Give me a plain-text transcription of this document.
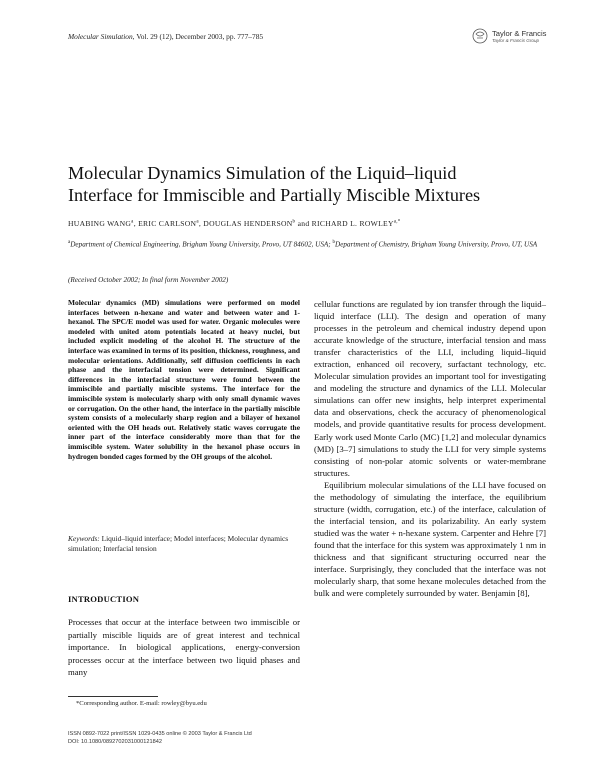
Molecular Simulation, Vol. 29 (12), December 2003, pp. 777–785	Taylor & Francis
Taylor & Francis Group
Molecular Dynamics Simulation of the Liquid–liquid
Interface for Immiscible and Partially Miscible Mixtures
HUABING WANG$^a$, ERIC CARLSON$^a$, DOUGLAS HENDERSON$^b$ and RICHARD L. $ROWLEY^{a,*}$
$^a$Department of Chemical Engineering, Brigham Young University, Provo, UT 84602, USA; $^b$Department of Chemistry, Brigham Young University, Provo, UT, USA
(Received October 2002; In final form November 2002)
Molecular dynamics (MD) simulations were performed on model interfaces between n-hexane and water and between water and 1-hexanol. The SPC/E model was used for water. Organic molecules were modeled with united atom potentials located at heavy nuclei, but included explicit modeling of the alcohol H. The structure of the interface was examined in terms of its position, thickness, roughness, and molecular orientations. Additionally, self diffusion coefficients in each phase and the interfacial tension were determined. Significant differences in the interfacial structure were found between the immiscible and partially miscible systems. The interface for the immiscible system is molecularly sharp with only small dynamic waves or corrugation. On the other hand, the interface in the partially miscible system consists of a molecularly sharp region and a bilayer of hexanol oriented with the OH heads out. Relatively static waves corrugate the inner part of the interface considerably more than that for the immiscible system. Water solubility in the hexanol phase occurs in hydrogen bonded cages formed by the OH groups of the alcohol.
Keywords: Liquid–liquid interface; Model interfaces; Molecular dynamics simulation; Interfacial tension
INTRODUCTION

Processes that occur at the interface between two immiscible or partially miscible liquids are of great interest and technical importance. In biological applications, energy-conversion processes occur at the interface between two liquid phases and many

cellular functions are regulated by ion transfer through the liquid–liquid interface (LLI). The design and operation of many processes in the petroleum and chemical industry depend upon accurate knowledge of the structure, interfacial tension and mass transfer characteristics of the LLI, including liquid–liquid extraction, enhanced oil recovery, surfactant technology, etc. Molecular simulation provides an important tool for investigating and modeling the structure and dynamics of the LLI. Molecular simulations can offer new insights, help interpret experimental data and observations, check the accuracy of phenomenological models, and provide quantitative results for process development. Early work used Monte Carlo (MC) [1,2] and molecular dynamics (MD) [3–7] simulations to study the LLI for very simple systems consisting of non-polar atomic solvents or water-membrane structures.

Equilibrium molecular simulations of the LLI have focused on the methodology of simulating the interface, the equilibrium structure (width, corrugation, etc.) of the interface, calculation of the interfacial tension, and its polarizability. An early system studied was the water + n-hexane system. Carpenter and Hehre [7] found that the interface for this system was approximately 1 nm in thickness and that significant structuring occurred near the interface. Surprisingly, they concluded that the interface was not molecularly sharp, that some hexane molecules detached from the bulk and were completely surrounded by water. Benjamin [8],

*Corresponding author. E-mail: rowley@byu.edu
ISSN 0892-7022 print/ISSN 1029-0435 online © 2003 Taylor & Francis Ltd
DOI: 10.1080/0892702031000121842
